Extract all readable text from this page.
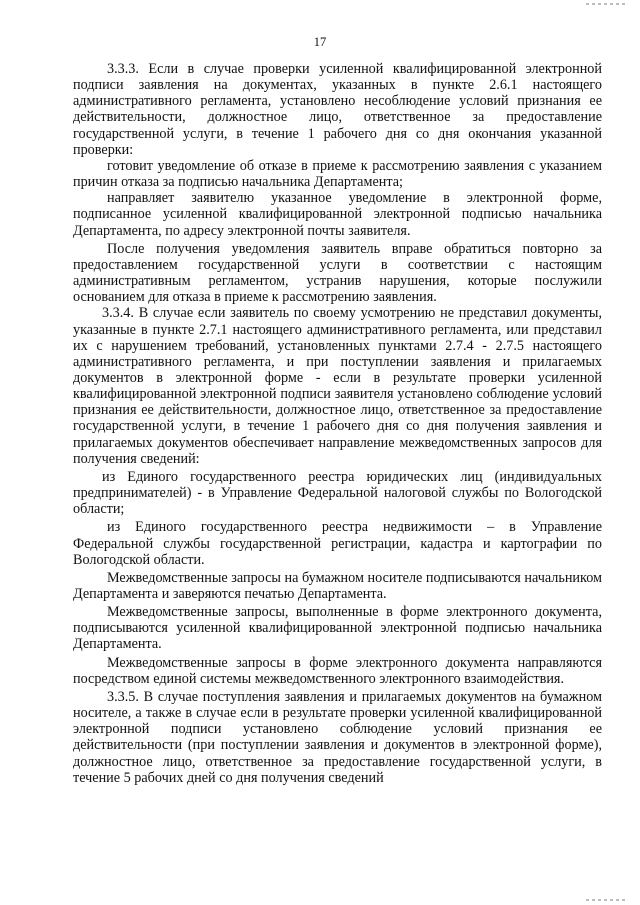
17

3.3.3. Если в случае проверки усиленной квалифицированной электронной подписи заявления на документах, указанных в пункте 2.6.1 настоящего административного регламента, установлено несоблюдение условий признания ее действительности, должностное лицо, ответственное за предоставление государственной услуги, в течение 1 рабочего дня со дня окончания указанной проверки:

готовит уведомление об отказе в приеме к рассмотрению заявления с указанием причин отказа за подписью начальника Департамента;

направляет заявителю указанное уведомление в электронной форме, подписанное усиленной квалифицированной электронной подписью начальника Департамента, по адресу электронной почты заявителя.

После получения уведомления заявитель вправе обратиться повторно за предоставлением государственной услуги в соответствии с настоящим административным регламентом, устранив нарушения, которые послужили основанием для отказа в приеме к рассмотрению заявления.

3.3.4. В случае если заявитель по своему усмотрению не представил документы, указанные в пункте 2.7.1 настоящего административного регламента, или представил их с нарушением требований, установленных пунктами 2.7.4 - 2.7.5 настоящего административного регламента, и при поступлении заявления и прилагаемых документов в электронной форме - если в результате проверки усиленной квалифицированной электронной подписи заявителя установлено соблюдение условий признания ее действительности, должностное лицо, ответственное за предоставление государственной услуги, в течение 1 рабочего дня со дня получения заявления и прилагаемых документов обеспечивает направление межведомственных запросов для получения сведений:

из Единого государственного реестра юридических лиц (индивидуальных предпринимателей) - в Управление Федеральной налоговой службы по Вологодской области;

из Единого государственного реестра недвижимости – в Управление Федеральной службы государственной регистрации, кадастра и картографии по Вологодской области.

Межведомственные запросы на бумажном носителе подписываются начальником Департамента и заверяются печатью Департамента.

Межведомственные запросы, выполненные в форме электронного документа, подписываются усиленной квалифицированной электронной подписью начальника Департамента.

Межведомственные запросы в форме электронного документа направляются посредством единой системы межведомственного электронного взаимодействия.

3.3.5. В случае поступления заявления и прилагаемых документов на бумажном носителе, а также в случае если в результате проверки усиленной квалифицированной электронной подписи установлено соблюдение условий признания ее действительности (при поступлении заявления и документов в электронной форме), должностное лицо, ответственное за предоставление государственной услуги, в течение 5 рабочих дней со дня получения сведений
